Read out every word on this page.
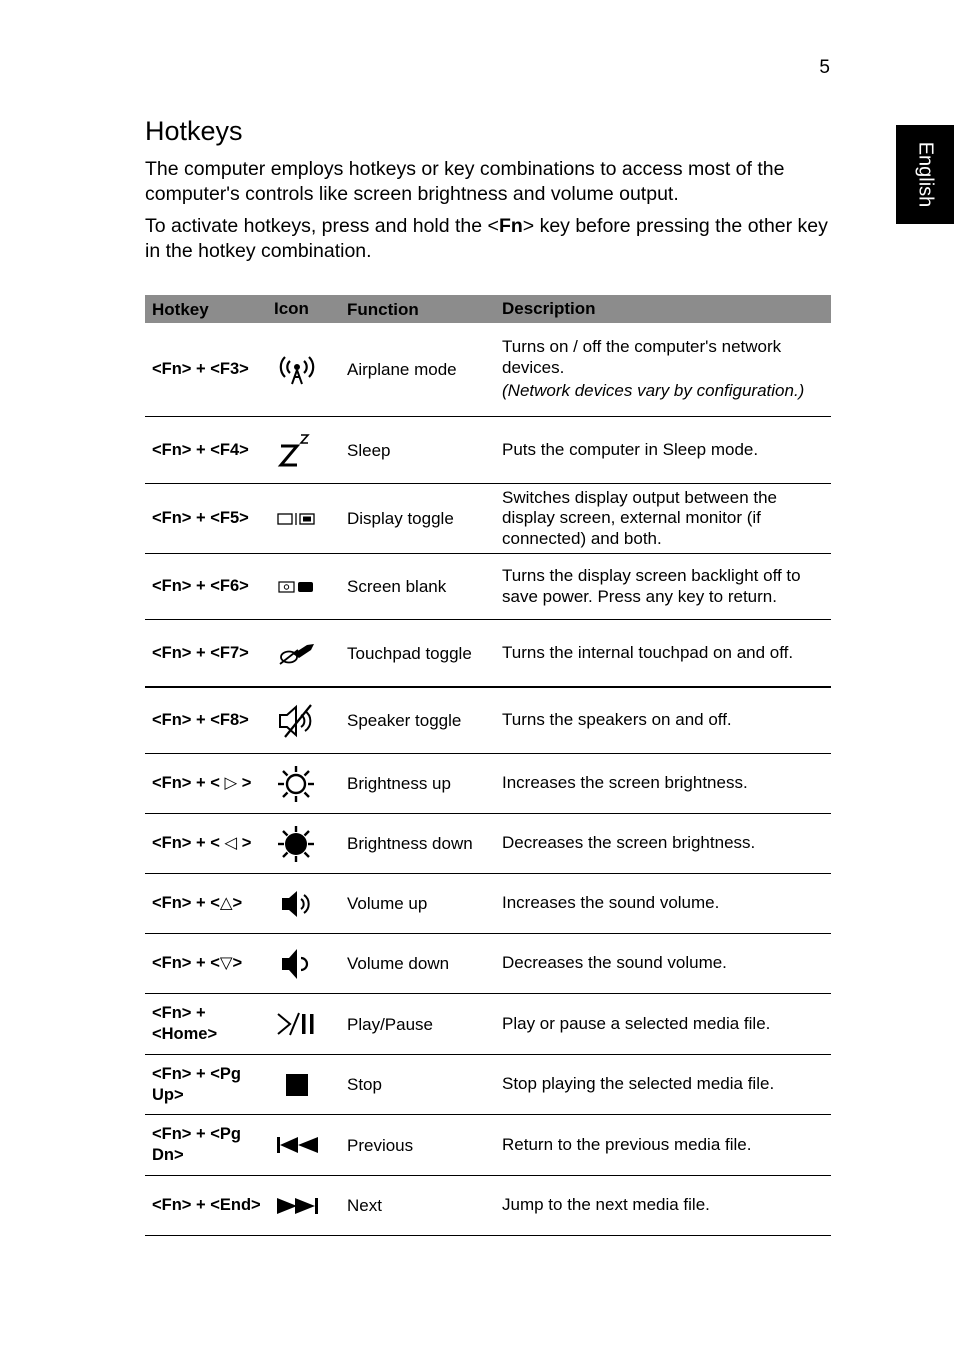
5
English
Hotkeys

The computer employs hotkeys or key combinations to access most of the computer's controls like screen brightness and volume output.

To activate hotkeys, press and hold the <Fn> key before pressing the other key in the hotkey combination.

Hotkey	Icon	Function	Description
<Fn> + <F3>	Airplane mode
Turns on / off the computer's network devices.
(Network devices vary by configuration.)
<Fn> + <F4>	Sleep	Puts the computer in Sleep mode.
<Fn> + <F5>	Display toggle
Switches display output between the display screen, external monitor (if connected) and both.
<Fn> + <F6>	Screen blank
Turns the display screen backlight off to save power. Press any key to return.
<Fn> + <F7>	Touchpad toggle	Turns the internal touchpad on and off.
<Fn> + <F8>	Speaker toggle	Turns the speakers on and off.
<Fn> + < ▷ >	Brightness up	Increases the screen brightness.
<Fn> + < ◁ >	Brightness down	Decreases the screen brightness.
<Fn> + <△>	Volume up	Increases the sound volume.
<Fn> + <▽>	Volume down	Decreases the sound volume.
<Fn> + <Home>
Play/Pause	Play or pause a selected media file.
<Fn> + <Pg Up>
Stop	Stop playing the selected media file.
<Fn> + <Pg Dn>
Previous	Return to the previous media file.
<Fn> + <End>	Next	Jump to the next media file.
